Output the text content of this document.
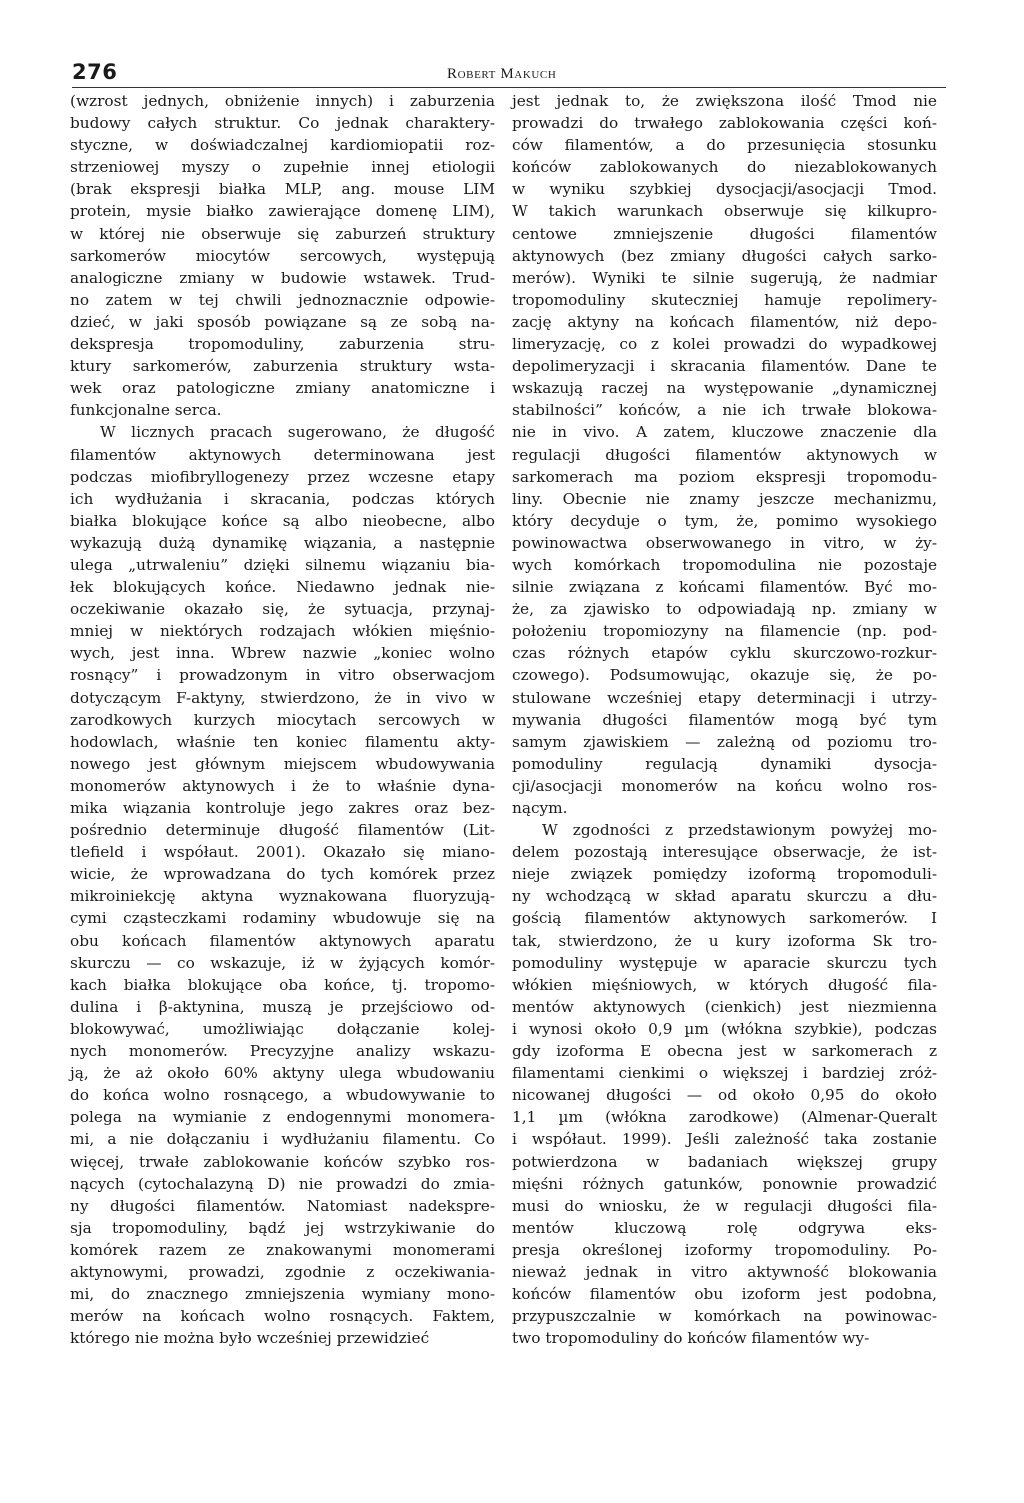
276	Robert Makuch
(wzrost jednych, obniżenie innych) i zaburzenia
budowy całych struktur. Co jednak charaktery-
styczne, w doświadczalnej kardiomiopatii roz-
strzeniowej myszy o zupełnie innej etiologii
(brak ekspresji białka MLP, ang. mouse LIM
protein, mysie białko zawierające domenę LIM),
w której nie obserwuje się zaburzeń struktury
sarkomerów miocytów sercowych, występują
analogiczne zmiany w budowie wstawek. Trud-
no zatem w tej chwili jednoznacznie odpowie-
dzieć, w jaki sposób powiązane są ze sobą na-
dekspresja tropomoduliny, zaburzenia stru-
ktury sarkomerów, zaburzenia struktury wsta-
wek oraz patologiczne zmiany anatomiczne i
funkcjonalne serca.
W licznych pracach sugerowano, że długość
filamentów aktynowych determinowana jest
podczas miofibryllogenezy przez wczesne etapy
ich wydłużania i skracania, podczas których
białka blokujące końce są albo nieobecne, albo
wykazują dużą dynamikę wiązania, a następnie
ulega „utrwaleniu” dzięki silnemu wiązaniu bia-
łek blokujących końce. Niedawno jednak nie-
oczekiwanie okazało się, że sytuacja, przynaj-
mniej w niektórych rodzajach włókien mięśnio-
wych, jest inna. Wbrew nazwie „koniec wolno
rosnący” i prowadzonym in vitro obserwacjom
dotyczącym F-aktyny, stwierdzono, że in vivo w
zarodkowych kurzych miocytach sercowych w
hodowlach, właśnie ten koniec filamentu akty-
nowego jest głównym miejscem wbudowywania
monomerów aktynowych i że to właśnie dyna-
mika wiązania kontroluje jego zakres oraz bez-
pośrednio determinuje długość filamentów (Lit-
tlefield i współaut. 2001). Okazało się miano-
wicie, że wprowadzana do tych komórek przez
mikroiniekcję aktyna wyznakowana fluoryzują-
cymi cząsteczkami rodaminy wbudowuje się na
obu końcach filamentów aktynowych aparatu
skurczu — co wskazuje, iż w żyjących komór-
kach białka blokujące oba końce, tj. tropomo-
dulina i β-aktynina, muszą je przejściowo od-
blokowywać, umożliwiając dołączanie kolej-
nych monomerów. Precyzyjne analizy wskazu-
ją, że aż około 60% aktyny ulega wbudowaniu
do końca wolno rosnącego, a wbudowywanie to
polega na wymianie z endogennymi monomera-
mi, a nie dołączaniu i wydłużaniu filamentu. Co
więcej, trwałe zablokowanie końców szybko ros-
nących (cytochalazyną D) nie prowadzi do zmia-
ny długości filamentów. Natomiast nadekspre-
sja tropomoduliny, bądź jej wstrzykiwanie do
komórek razem ze znakowanymi monomerami
aktynowymi, prowadzi, zgodnie z oczekiwania-
mi, do znacznego zmniejszenia wymiany mono-
merów na końcach wolno rosnących. Faktem,
którego nie można było wcześniej przewidzieć
jest jednak to, że zwiększona ilość Tmod nie
prowadzi do trwałego zablokowania części koń-
ców filamentów, a do przesunięcia stosunku
końców zablokowanych do niezablokowanych
w wyniku szybkiej dysocjacji/asocjacji Tmod.
W takich warunkach obserwuje się kilkupro-
centowe zmniejszenie długości filamentów
aktynowych (bez zmiany długości całych sarko-
merów). Wyniki te silnie sugerują, że nadmiar
tropomoduliny skuteczniej hamuje repolimery-
zację aktyny na końcach filamentów, niż depo-
limeryzację, co z kolei prowadzi do wypadkowej
depolimeryzacji i skracania filamentów. Dane te
wskazują raczej na występowanie „dynamicznej
stabilności” końców, a nie ich trwałe blokowa-
nie in vivo. A zatem, kluczowe znaczenie dla
regulacji długości filamentów aktynowych w
sarkomerach ma poziom ekspresji tropomodu-
liny. Obecnie nie znamy jeszcze mechanizmu,
który decyduje o tym, że, pomimo wysokiego
powinowactwa obserwowanego in vitro, w ży-
wych komórkach tropomodulina nie pozostaje
silnie związana z końcami filamentów. Być mo-
że, za zjawisko to odpowiadają np. zmiany w
położeniu tropomiozyny na filamencie (np. pod-
czas różnych etapów cyklu skurczowo-rozkur-
czowego). Podsumowując, okazuje się, że po-
stulowane wcześniej etapy determinacji i utrzy-
mywania długości filamentów mogą być tym
samym zjawiskiem — zależną od poziomu tro-
pomoduliny regulacją dynamiki dysocja-
cji/asocjacji monomerów na końcu wolno ros-
nącym.
W zgodności z przedstawionym powyżej mo-
delem pozostają interesujące obserwacje, że ist-
nieje związek pomiędzy izoformą tropomoduli-
ny wchodzącą w skład aparatu skurczu a dłu-
gością filamentów aktynowych sarkomerów. I
tak, stwierdzono, że u kury izoforma Sk tro-
pomoduliny występuje w aparacie skurczu tych
włókien mięśniowych, w których długość fila-
mentów aktynowych (cienkich) jest niezmienna
i wynosi około 0,9 µm (włókna szybkie), podczas
gdy izoforma E obecna jest w sarkomerach z
filamentami cienkimi o większej i bardziej zróż-
nicowanej długości — od około 0,95 do około
1,1 µm (włókna zarodkowe) (Almenar-Queralt
i współaut. 1999). Jeśli zależność taka zostanie
potwierdzona w badaniach większej grupy
mięśni różnych gatunków, ponownie prowadzić
musi do wniosku, że w regulacji długości fila-
mentów kluczową rolę odgrywa eks-
presja określonej izoformy tropomoduliny. Po-
nieważ jednak in vitro aktywność blokowania
końców filamentów obu izoform jest podobna,
przypuszczalnie w komórkach na powinowac-
two tropomoduliny do końców filamentów wy-
